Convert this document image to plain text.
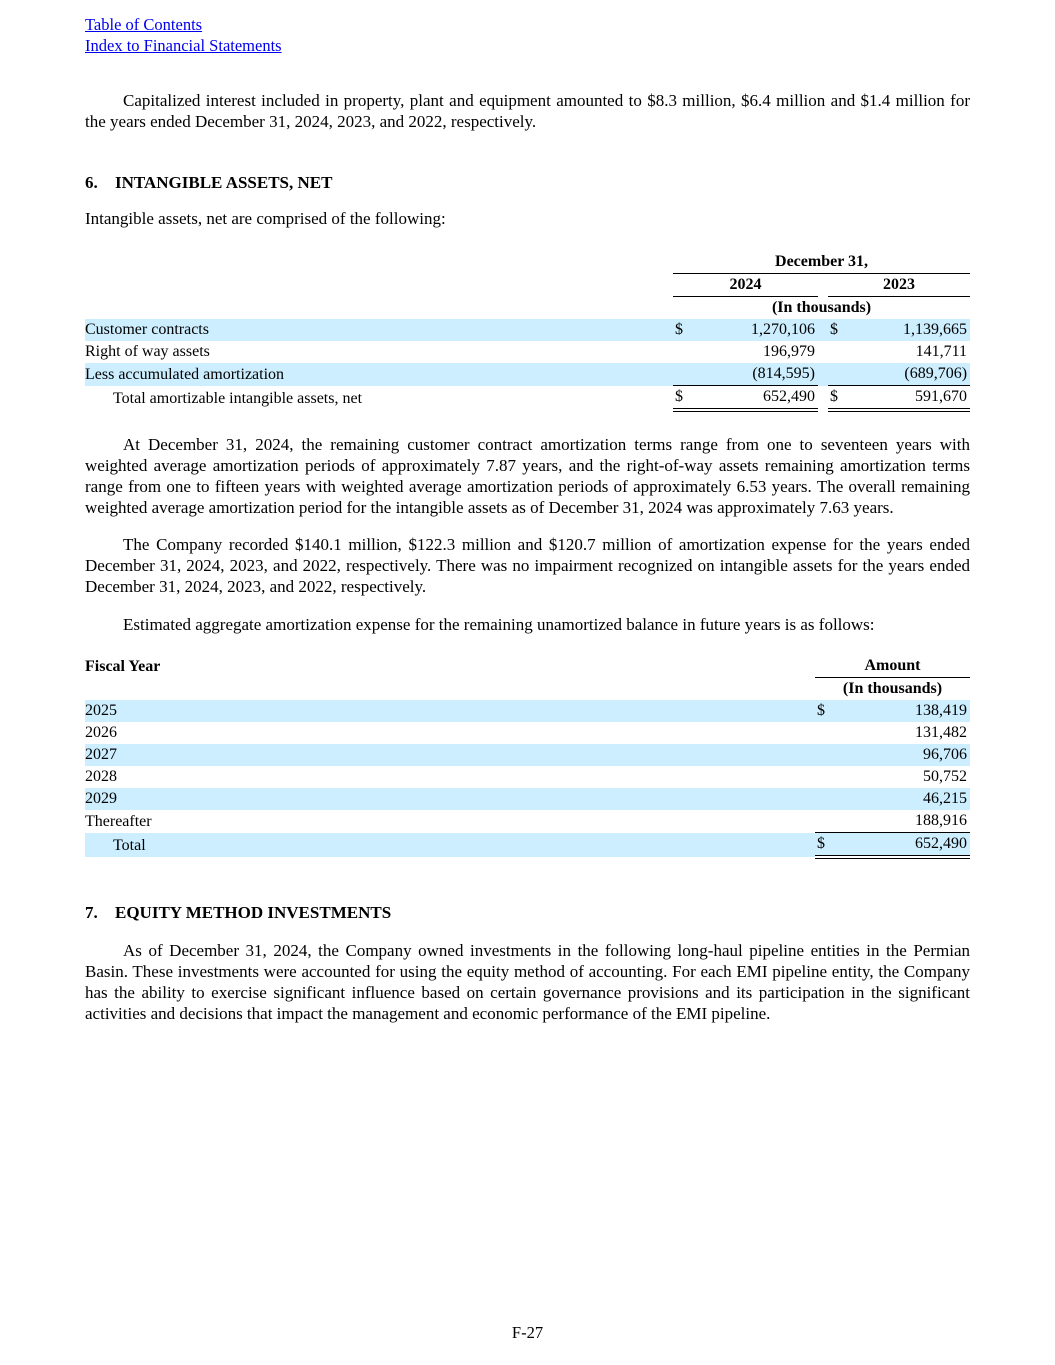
Table of Contents
Index to Financial Statements

Capitalized interest included in property, plant and equipment amounted to $8.3 million, $6.4 million and $1.4 million for the years ended December 31, 2024, 2023, and 2022, respectively.

6.	INTANGIBLE ASSETS, NET

Intangible assets, net are comprised of the following:

	December 31,				
	2024			2023	
	(In thousands)				
Customer contracts	$	1,270,106		$	1,139,665
Right of way assets		196,979			141,711
Less accumulated amortization		(814,595)			(689,706)
Total amortizable intangible assets, net	$	652,490		$	591,670

At December 31, 2024, the remaining customer contract amortization terms range from one to seventeen years with weighted average amortization periods of approximately 7.87 years, and the right-of-way assets remaining amortization terms range from one to fifteen years with weighted average amortization periods of approximately 6.53 years. The overall remaining weighted average amortization period for the intangible assets as of December 31, 2024 was approximately 7.63 years.

The Company recorded $140.1 million, $122.3 million and $120.7 million of amortization expense for the years ended December 31, 2024, 2023, and 2022, respectively. There was no impairment recognized on intangible assets for the years ended December 31, 2024, 2023, and 2022, respectively.

Estimated aggregate amortization expense for the remaining unamortized balance in future years is as follows:

Fiscal Year	Amount	
	(In thousands)	
2025	$	138,419
2026		131,482
2027		96,706
2028		50,752
2029		46,215
Thereafter		188,916
Total	$	652,490
7.	EQUITY METHOD INVESTMENTS

As of December 31, 2024, the Company owned investments in the following long-haul pipeline entities in the Permian Basin. These investments were accounted for using the equity method of accounting. For each EMI pipeline entity, the Company has the ability to exercise significant influence based on certain governance provisions and its participation in the significant activities and decisions that impact the management and economic performance of the EMI pipeline.

F-27
